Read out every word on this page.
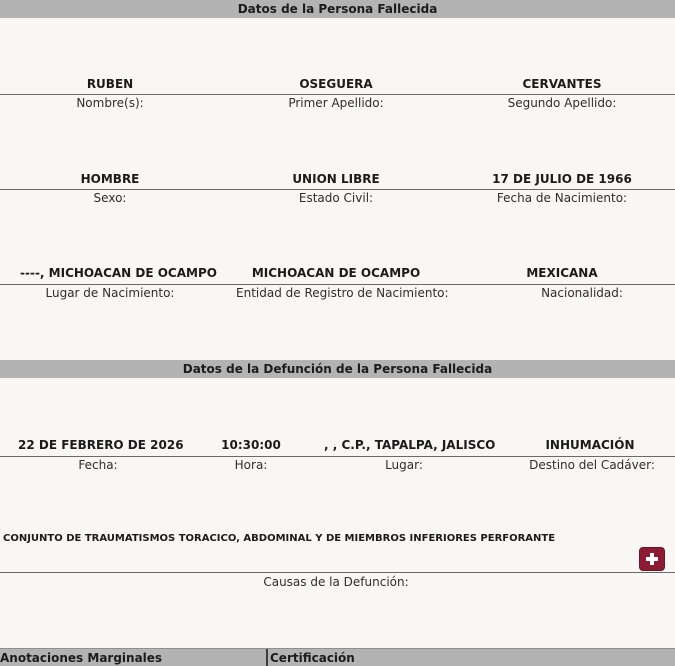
Datos de la Persona Fallecida
RUBEN	OSEGUERA	CERVANTES
Nombre(s):	Primer Apellido:	Segundo Apellido:
HOMBRE	UNION LIBRE	17 DE JULIO DE 1966
Sexo:	Estado Civil:	Fecha de Nacimiento:
----, MICHOACAN DE OCAMPO	MICHOACAN DE OCAMPO	MEXICANA
Lugar de Nacimiento:	Entidad de Registro de Nacimiento:	Nacionalidad:
Datos de la Defunción de la Persona Fallecida
22 DE FEBRERO DE 2026	10:30:00	, , C.P., TAPALPA, JALISCO	INHUMACIÓN
Fecha:	Hora:	Lugar:	Destino del Cadáver:
CONJUNTO DE TRAUMATISMOS TORACICO, ABDOMINAL Y DE MIEMBROS INFERIORES PERFORANTE
Causas de la Defunción:
Anotaciones Marginales	Certificación
